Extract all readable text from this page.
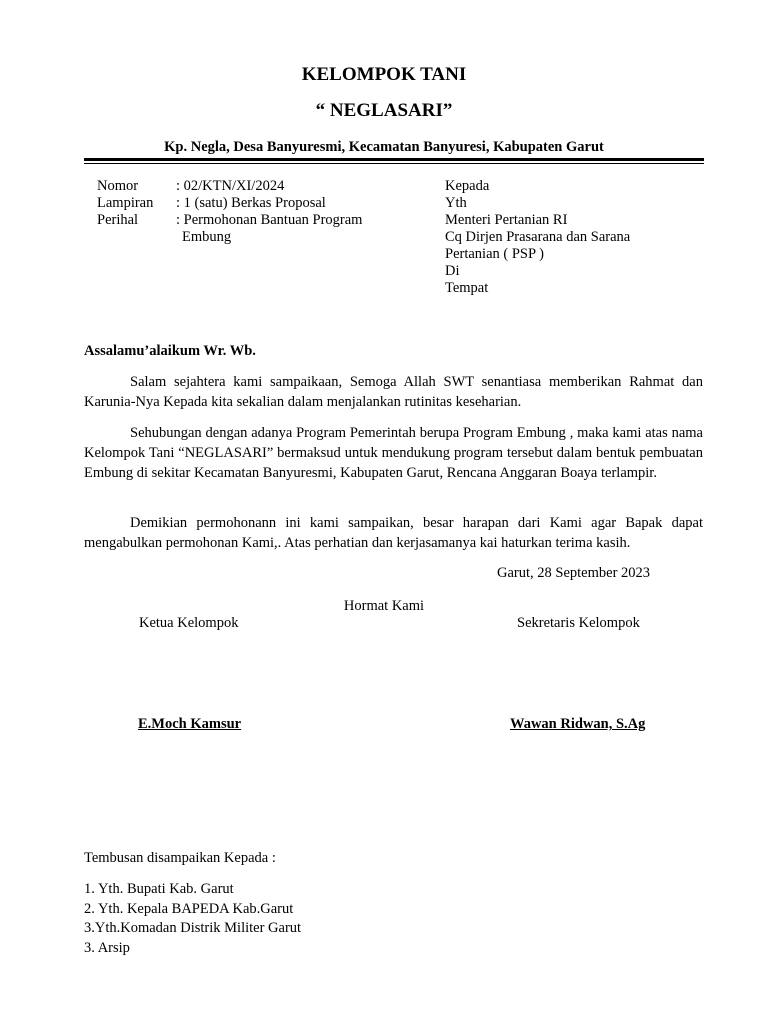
KELOMPOK TANI
“ NEGLASARI”
Kp. Negla, Desa Banyuresmi, Kecamatan Banyuresi, Kabupaten Garut
Nomor	: 02/KTN/XI/2024
Lampiran : 1 (satu) Berkas Proposal
Perihal	: Permohonan Bantuan Program
Embung
Kepada
Yth
Menteri Pertanian RI
Cq Dirjen Prasarana dan Sarana
Pertanian ( PSP )
Di
Tempat
Assalamu’alaikum Wr. Wb.

Salam sejahtera kami sampaikaan, Semoga Allah SWT senantiasa memberikan Rahmat dan Karunia-Nya Kepada kita sekalian dalam menjalankan rutinitas keseharian.

Sehubungan dengan adanya Program Pemerintah berupa Program Embung , maka kami atas nama Kelompok Tani “NEGLASARI” bermaksud untuk mendukung program tersebut dalam bentuk pembuatan Embung di sekitar Kecamatan Banyuresmi, Kabupaten Garut, Rencana Anggaran Boaya terlampir.

Demikian permohonann ini kami sampaikan, besar harapan dari Kami agar Bapak dapat mengabulkan permohonan Kami,. Atas perhatian dan kerjasamanya kai haturkan terima kasih.

Garut, 28 September 2023
Hormat Kami
Ketua Kelompok	Sekretaris Kelompok
E.Moch Kamsur	Wawan Ridwan, S.Ag
Tembusan disampaikan Kepada :
1. Yth. Bupati Kab. Garut
2. Yth. Kepala BAPEDA Kab.Garut
3.Yth.Komadan Distrik Militer Garut
3. Arsip
